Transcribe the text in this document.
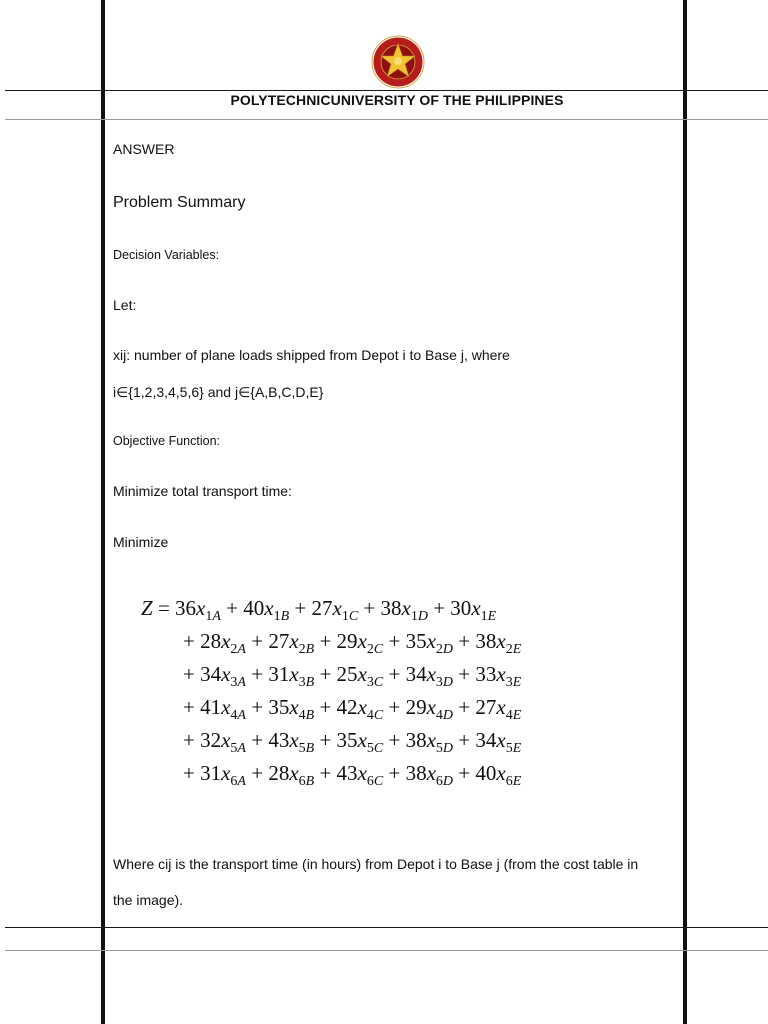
POLYTECHNICUNIVERSITY OF THE PHILIPPINES
ANSWER
Problem Summary
Decision Variables:
Let:
xij: number of plane loads shipped from Depot i to Base j, where
i∈{1,2,3,4,5,6} and j∈{A,B,C,D,E}
Objective Function:
Minimize total transport time:
Minimize
$Z = 36x_{1A} + 40x_{1B} + 27x_{1C} + 38x_{1D} + 30x_{1E}$
+ $28x_{2A} + 27x_{2B} + 29x_{2C} + 35x_{2D} + 38x_{2E}$
+ $34x_{3A} + 31x_{3B} + 25x_{3C} + 34x_{3D} + 33x_{3E}$
+ $41x_{4A} + 35x_{4B} + 42x_{4C} + 29x_{4D} + 27x_{4E}$
+ $32x_{5A} + 43x_{5B} + 35x_{5C} + 38x_{5D} + 34x_{5E}$
+ $31x_{6A} + 28x_{6B} + 43x_{6C} + 38x_{6D} + 40x_{6E}$
Where cij is the transport time (in hours) from Depot i to Base j (from the cost table in
the image).
